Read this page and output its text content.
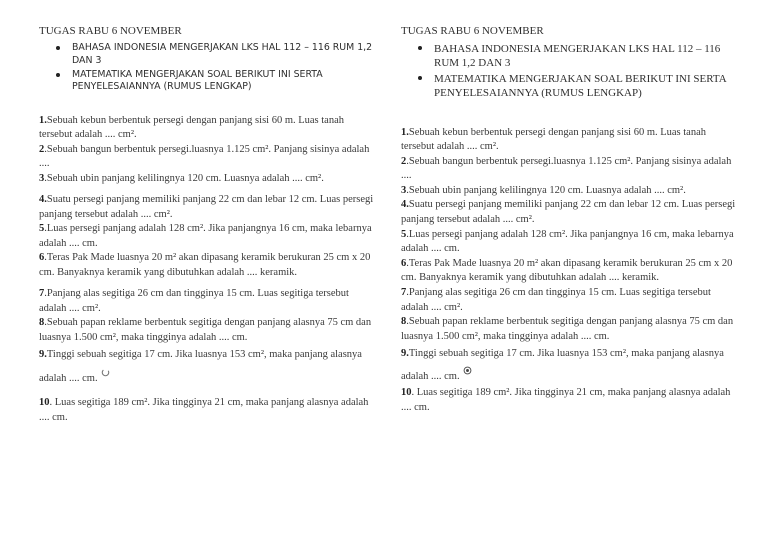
TUGAS RABU 6 NOVEMBER

BAHASA INDONESIA MENGERJAKAN LKS HAL 112 – 116 RUM 1,2 DAN 3
MATEMATIKA MENGERJAKAN SOAL BERIKUT INI SERTA PENYELESAIANNYA (RUMUS LENGKAP)

1.Sebuah kebun berbentuk persegi dengan panjang sisi 60 m. Luas tanah tersebut adalah .... cm².

2.Sebuah bangun berbentuk persegi.luasnya 1.125 cm². Panjang sisinya adalah ....

3.Sebuah ubin panjang kelilingnya 120 cm. Luasnya adalah .... cm².

4.Suatu persegi panjang memiliki panjang 22 cm dan lebar 12 cm. Luas persegi panjang tersebut adalah .... cm².

5.Luas persegi panjang adalah 128 cm². Jika panjangnya 16 cm, maka lebarnya adalah .... cm.

6.Teras Pak Made luasnya 20 m² akan dipasang keramik berukuran 25 cm x 20 cm. Banyaknya keramik yang dibutuhkan adalah .... keramik.

7.Panjang alas segitiga 26 cm dan tingginya 15 cm. Luas segitiga tersebut adalah .... cm².

8.Sebuah papan reklame berbentuk segitiga dengan panjang alasnya 75 cm dan luasnya 1.500 cm², maka tingginya adalah .... cm.

9.Tinggi sebuah segitiga 17 cm. Jika luasnya 153 cm², maka panjang alasnya adalah .... cm.

10. Luas segitiga 189 cm². Jika tingginya 21 cm, maka panjang alasnya adalah .... cm.

TUGAS RABU 6 NOVEMBER

BAHASA INDONESIA MENGERJAKAN LKS HAL 112 – 116 RUM 1,2 DAN 3
MATEMATIKA MENGERJAKAN SOAL BERIKUT INI SERTA PENYELESAIANNYA (RUMUS LENGKAP)

1.Sebuah kebun berbentuk persegi dengan panjang sisi 60 m. Luas tanah tersebut adalah .... cm².

2.Sebuah bangun berbentuk persegi.luasnya 1.125 cm². Panjang sisinya adalah ....

3.Sebuah ubin panjang kelilingnya 120 cm. Luasnya adalah .... cm².

4.Suatu persegi panjang memiliki panjang 22 cm dan lebar 12 cm. Luas persegi panjang tersebut adalah .... cm².

5.Luas persegi panjang adalah 128 cm². Jika panjangnya 16 cm, maka lebarnya adalah .... cm.

6.Teras Pak Made luasnya 20 m² akan dipasang keramik berukuran 25 cm x 20 cm. Banyaknya keramik yang dibutuhkan adalah .... keramik.

7.Panjang alas segitiga 26 cm dan tingginya 15 cm. Luas segitiga tersebut adalah .... cm².

8.Sebuah papan reklame berbentuk segitiga dengan panjang alasnya 75 cm dan luasnya 1.500 cm², maka tingginya adalah .... cm.

9.Tinggi sebuah segitiga 17 cm. Jika luasnya 153 cm², maka panjang alasnya adalah .... cm.

10. Luas segitiga 189 cm². Jika tingginya 21 cm, maka panjang alasnya adalah .... cm.
